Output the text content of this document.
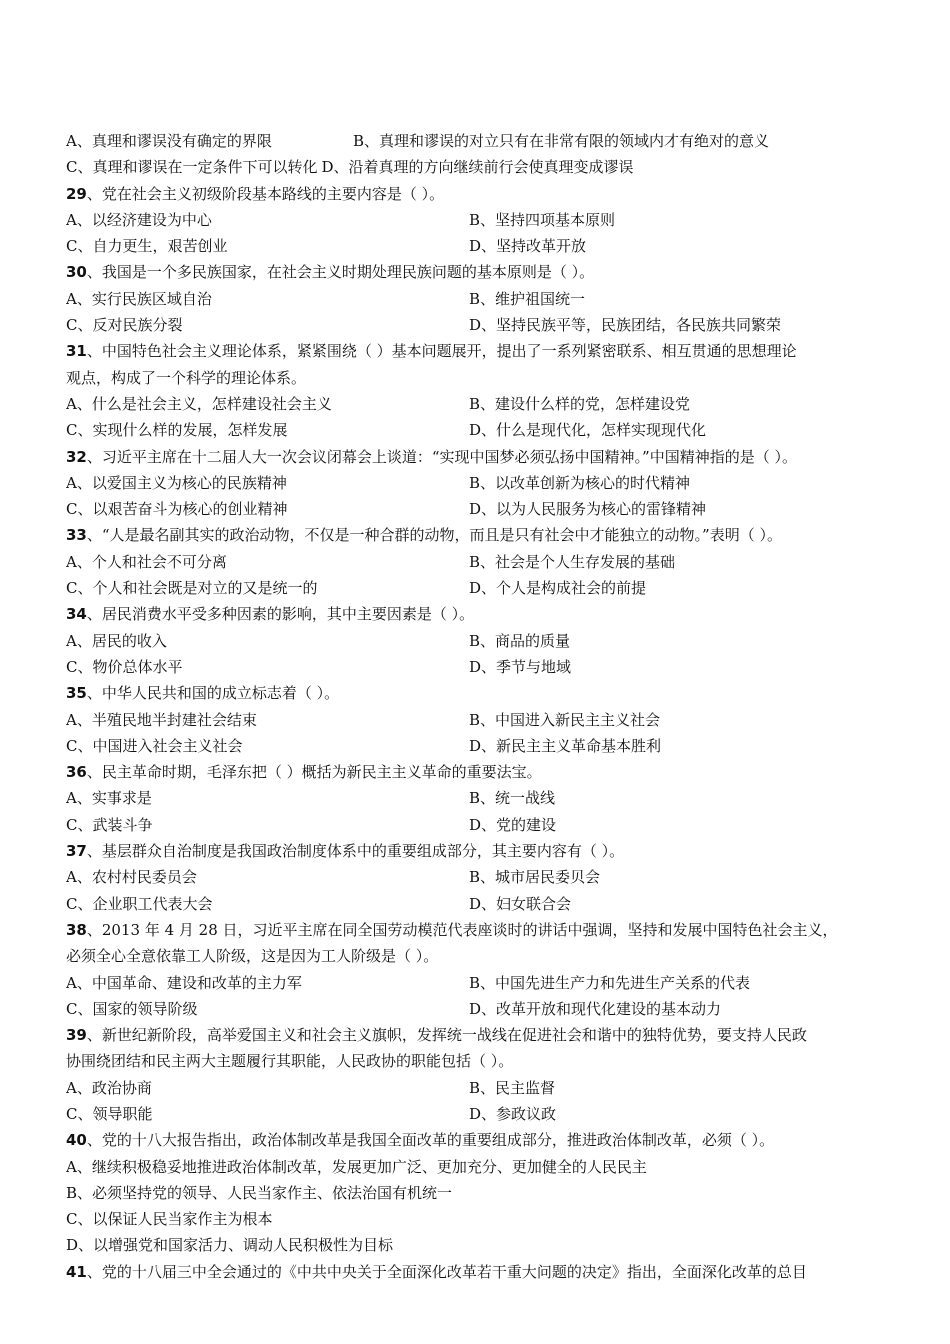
A、真理和谬误没有确定的界限	B、真理和谬误的对立只有在非常有限的领域内才有绝对的意义
C、真理和谬误在一定条件下可以转化 D、沿着真理的方向继续前行会使真理变成谬误
29、党在社会主义初级阶段基本路线的主要内容是（ ）。
A、以经济建设为中心	B、坚持四项基本原则
C、自力更生，艰苦创业	D、坚持改革开放
30、我国是一个多民族国家，在社会主义时期处理民族问题的基本原则是（ ）。
A、实行民族区域自治	B、维护祖国统一
C、反对民族分裂	D、坚持民族平等，民族团结，各民族共同繁荣
31、中国特色社会主义理论体系，紧紧围绕（ ）基本问题展开，提出了一系列紧密联系、相互贯通的思想理论
观点，构成了一个科学的理论体系。
A、什么是社会主义，怎样建设社会主义	B、建设什么样的党，怎样建设党
C、实现什么样的发展，怎样发展	D、什么是现代化，怎样实现现代化
32、习近平主席在十二届人大一次会议闭幕会上谈道：“实现中国梦必须弘扬中国精神。”中国精神指的是（ ）。
A、以爱国主义为核心的民族精神	B、以改革创新为核心的时代精神
C、以艰苦奋斗为核心的创业精神	D、以为人民服务为核心的雷锋精神
33、“人是最名副其实的政治动物，不仅是一种合群的动物，而且是只有社会中才能独立的动物。”表明（ ）。
A、个人和社会不可分离	B、社会是个人生存发展的基础
C、个人和社会既是对立的又是统一的	D、个人是构成社会的前提
34、居民消费水平受多种因素的影响，其中主要因素是（ ）。
A、居民的收入	B、商品的质量
C、物价总体水平	D、季节与地域
35、中华人民共和国的成立标志着（ ）。
A、半殖民地半封建社会结束	B、中国进入新民主主义社会
C、中国进入社会主义社会	D、新民主主义革命基本胜利
36、民主革命时期，毛泽东把（ ）概括为新民主主义革命的重要法宝。
A、实事求是	B、统一战线
C、武装斗争	D、党的建设
37、基层群众自治制度是我国政治制度体系中的重要组成部分，其主要内容有（ ）。
A、农村村民委员会	B、城市居民委贝会
C、企业职工代表大会	D、妇女联合会
38、2013 年 4 月 28 日，习近平主席在同全国劳动模范代表座谈时的讲话中强调，坚持和发展中国特色社会主义，
必须全心全意依靠工人阶级，这是因为工人阶级是（ ）。
A、中国革命、建设和改革的主力军	B、中国先进生产力和先进生产关系的代表
C、国家的领导阶级	D、改革开放和现代化建设的基本动力
39、新世纪新阶段，高举爱国主义和社会主义旗帜，发挥统一战线在促进社会和谐中的独特优势，要支持人民政
协围绕团结和民主两大主题履行其职能，人民政协的职能包括（ ）。
A、政治协商	B、民主监督
C、领导职能	D、参政议政
40、党的十八大报告指出，政治体制改革是我国全面改革的重要组成部分，推进政治体制改革，必须（ ）。
A、继续积极稳妥地推进政治体制改革，发展更加广泛、更加充分、更加健全的人民民主
B、必须坚持党的领导、人民当家作主、依法治国有机统一
C、以保证人民当家作主为根本
D、以增强党和国家活力、调动人民积极性为目标
41、党的十八届三中全会通过的《中共中央关于全面深化改革若干重大问题的决定》指出，全面深化改革的总目
